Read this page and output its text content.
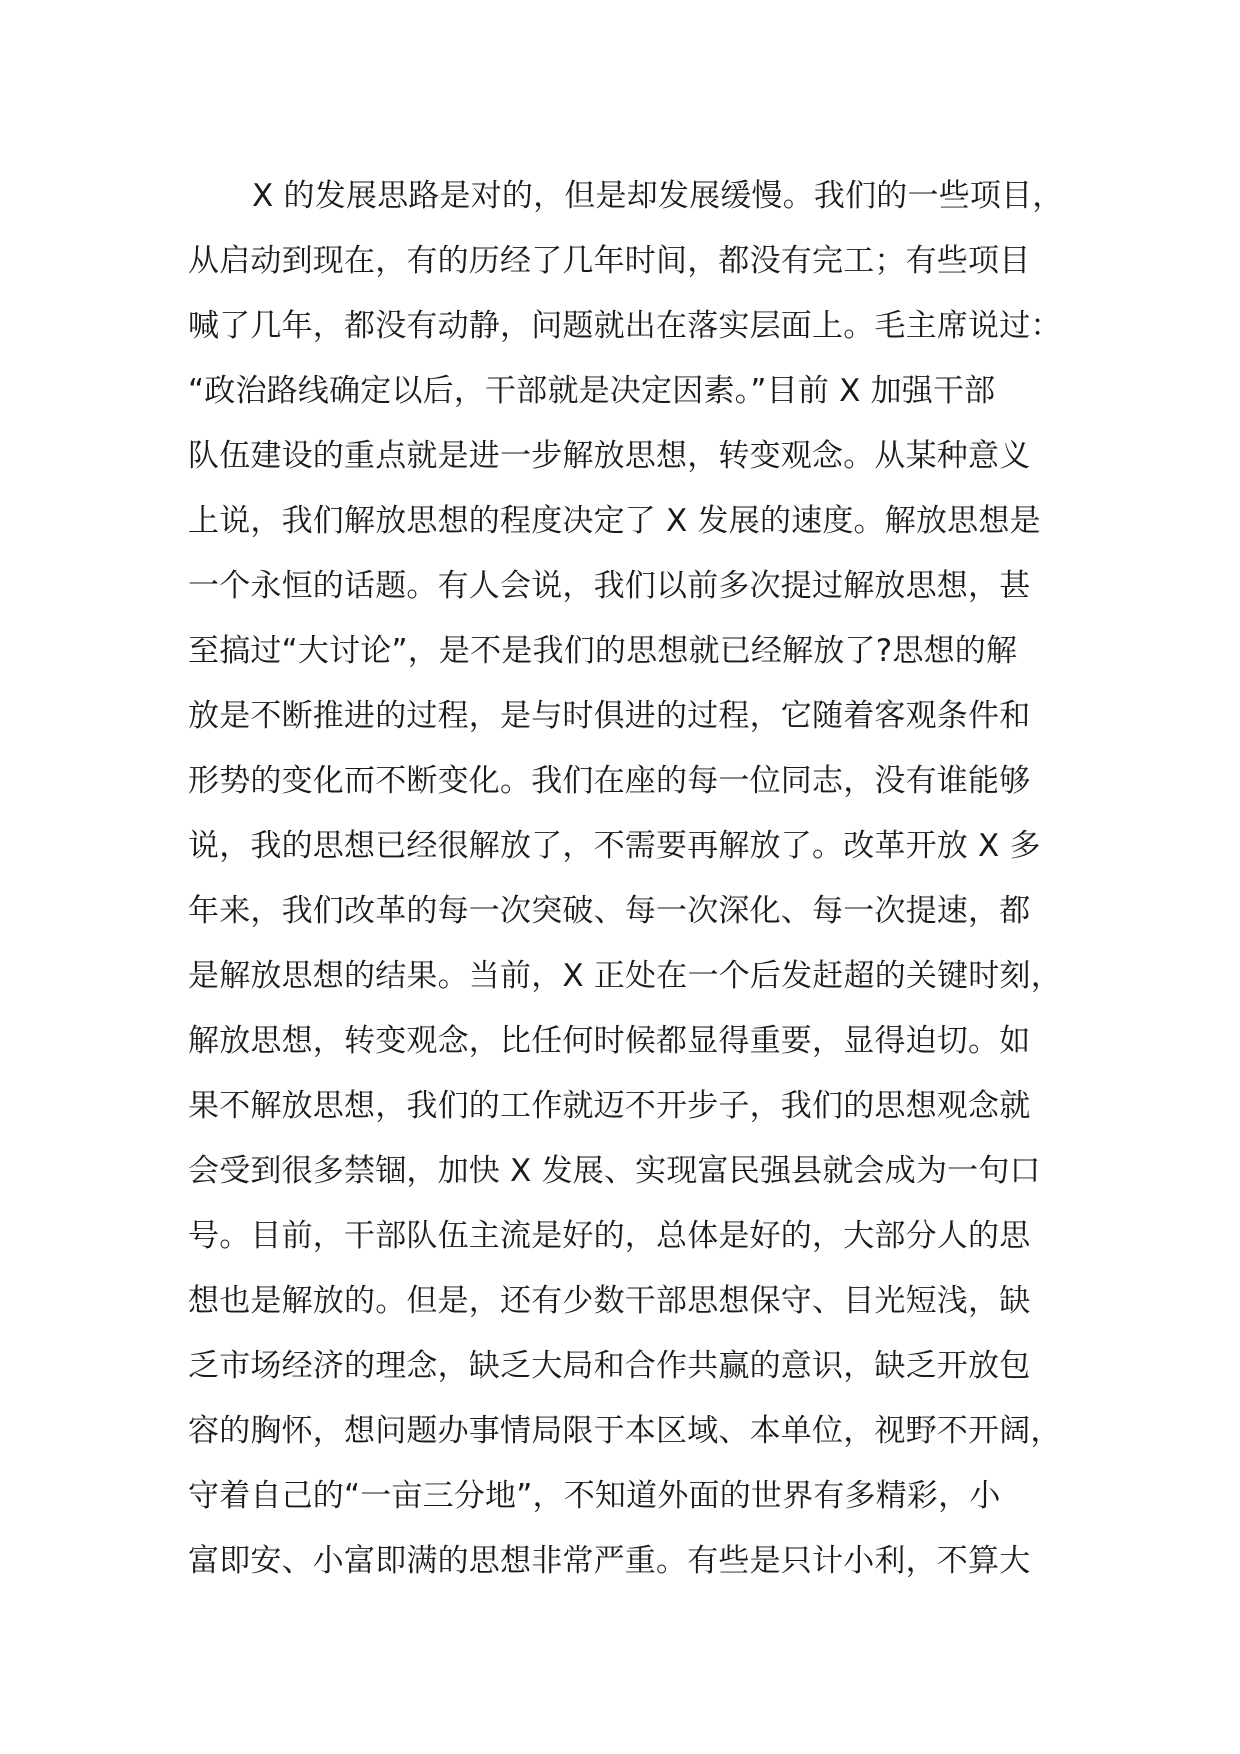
X 的发展思路是对的，但是却发展缓慢。我们的一些项目，
从启动到现在，有的历经了几年时间，都没有完工；有些项目
喊了几年，都没有动静，问题就出在落实层面上。毛主席说过：
“政治路线确定以后，干部就是决定因素。”目前 X 加强干部
队伍建设的重点就是进一步解放思想，转变观念。从某种意义
上说，我们解放思想的程度决定了 X 发展的速度。解放思想是
一个永恒的话题。有人会说，我们以前多次提过解放思想，甚
至搞过“大讨论”，是不是我们的思想就已经解放了?思想的解
放是不断推进的过程，是与时俱进的过程，它随着客观条件和
形势的变化而不断变化。我们在座的每一位同志，没有谁能够
说，我的思想已经很解放了，不需要再解放了。改革开放 X 多
年来，我们改革的每一次突破、每一次深化、每一次提速，都
是解放思想的结果。当前，X 正处在一个后发赶超的关键时刻，
解放思想，转变观念，比任何时候都显得重要，显得迫切。如
果不解放思想，我们的工作就迈不开步子，我们的思想观念就
会受到很多禁锢，加快 X 发展、实现富民强县就会成为一句口
号。目前，干部队伍主流是好的，总体是好的，大部分人的思
想也是解放的。但是，还有少数干部思想保守、目光短浅，缺
乏市场经济的理念，缺乏大局和合作共赢的意识，缺乏开放包
容的胸怀，想问题办事情局限于本区域、本单位，视野不开阔，
守着自己的“一亩三分地”，不知道外面的世界有多精彩，小
富即安、小富即满的思想非常严重。有些是只计小利，不算大
